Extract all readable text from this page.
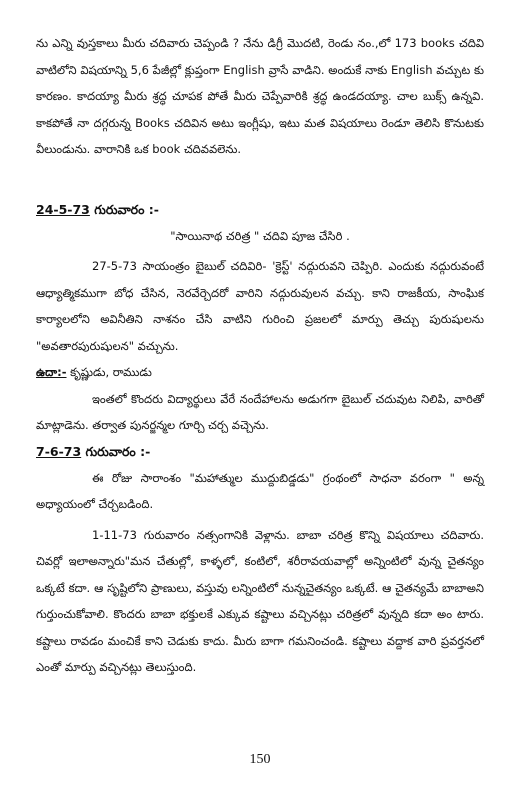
ను ఎన్ని వుస్తకాలు మీరు చదివారు చెప్పండి ? నేను డిగ్రీ మొదటి, రెండు నం.,లో 173 books చదివి వాటిలోని విషయాన్ని 5,6 పేజీల్లో క్లుప్తంగా English వ్రాసే వాడిని. అందుకే నాకు English వచ్చుట కు కారణం. కాదయ్యా మీరు శ్రద్ధ చూపక పోతే మీరు చెప్పేవారికి శ్రద్ధ ఉండదయ్యా. చాల బుక్స్ ఉన్నవి. కాకపోతే నా దగ్గరున్న Books చదివిన అటు ఇంగ్లీషు, ఇటు మత విషయాలు రెండూ తెలిసి కొనుటకు వీలుండును. వారానికి ఒక book చదివవలెను.

24-5-73 గురువారం :-

"సాయినాథ చరిత్ర " చదివి పూజ చేసిరి .

27-5-73 సాయంత్రం బైబుల్ చదివిరి- 'క్రెస్ట్' నద్గురువని చెప్పిరి. ఎందుకు నద్గురువంటే ఆధ్యాత్మికముగా బోధ చేసిన, నెరవేర్చెదరో వారిని నద్గురువులన వచ్చు. కాని రాజకీయ, సాంఘిక కార్యాలలోని అవినీతిని నాశనం చేసి వాటిని గురించి ప్రజలలో మార్పు తెచ్చు పురుషులను "అవతారపురుషులన" వచ్చును.

ఉదా:- కృష్ణుడు, రాముడు

ఇంతలో కొందరు విద్యార్థులు వేరే నందేహాలను అడుగగా బైబుల్ చదువుట నిలిపి, వారితో మాట్లాడెను. తర్వాత పునర్జన్మల గూర్చి చర్చ వచ్చెను.

7-6-73 గురువారం :-

ఈ రోజు సారాంశం "మహాత్ముల ముద్దుబిడ్డడు" గ్రంథంలో సాధనా వరంగా " అన్న అధ్యాయంలో చేర్చబడింది.

1-11-73 గురువారం నత్సంగానికి వెళ్లాను. బాబా చరిత్ర కొన్ని విషయాలు చదివారు. చివర్లో ఇలాఅన్నారు"మన చేతుల్లో, కాళ్ళలో, కంటిలో, శరీరావయవాల్లో అన్నింటిలో వున్న చైతన్యం ఒక్కటే కదా. ఆ సృష్టిలోని ప్రాణులు, వస్తువు లన్నింటిలో నున్నచైతన్యం ఒక్కటే. ఆ చైతన్యమే బాబాఅని గుర్తుంచుకోవాలి. కొందరు బాబా భక్తులకే ఎక్కువ కష్టాలు వచ్చినట్లు చరిత్రలో వున్నది కదా అం టారు. కష్టాలు రావడం మంచికే కాని చెడుకు కాదు. మీరు బాగా గమనించండి. కష్టాలు వద్దాక వారి ప్రవర్తనలో ఎంతో మార్పు వచ్చినట్లు తెలుస్తుంది.

150
